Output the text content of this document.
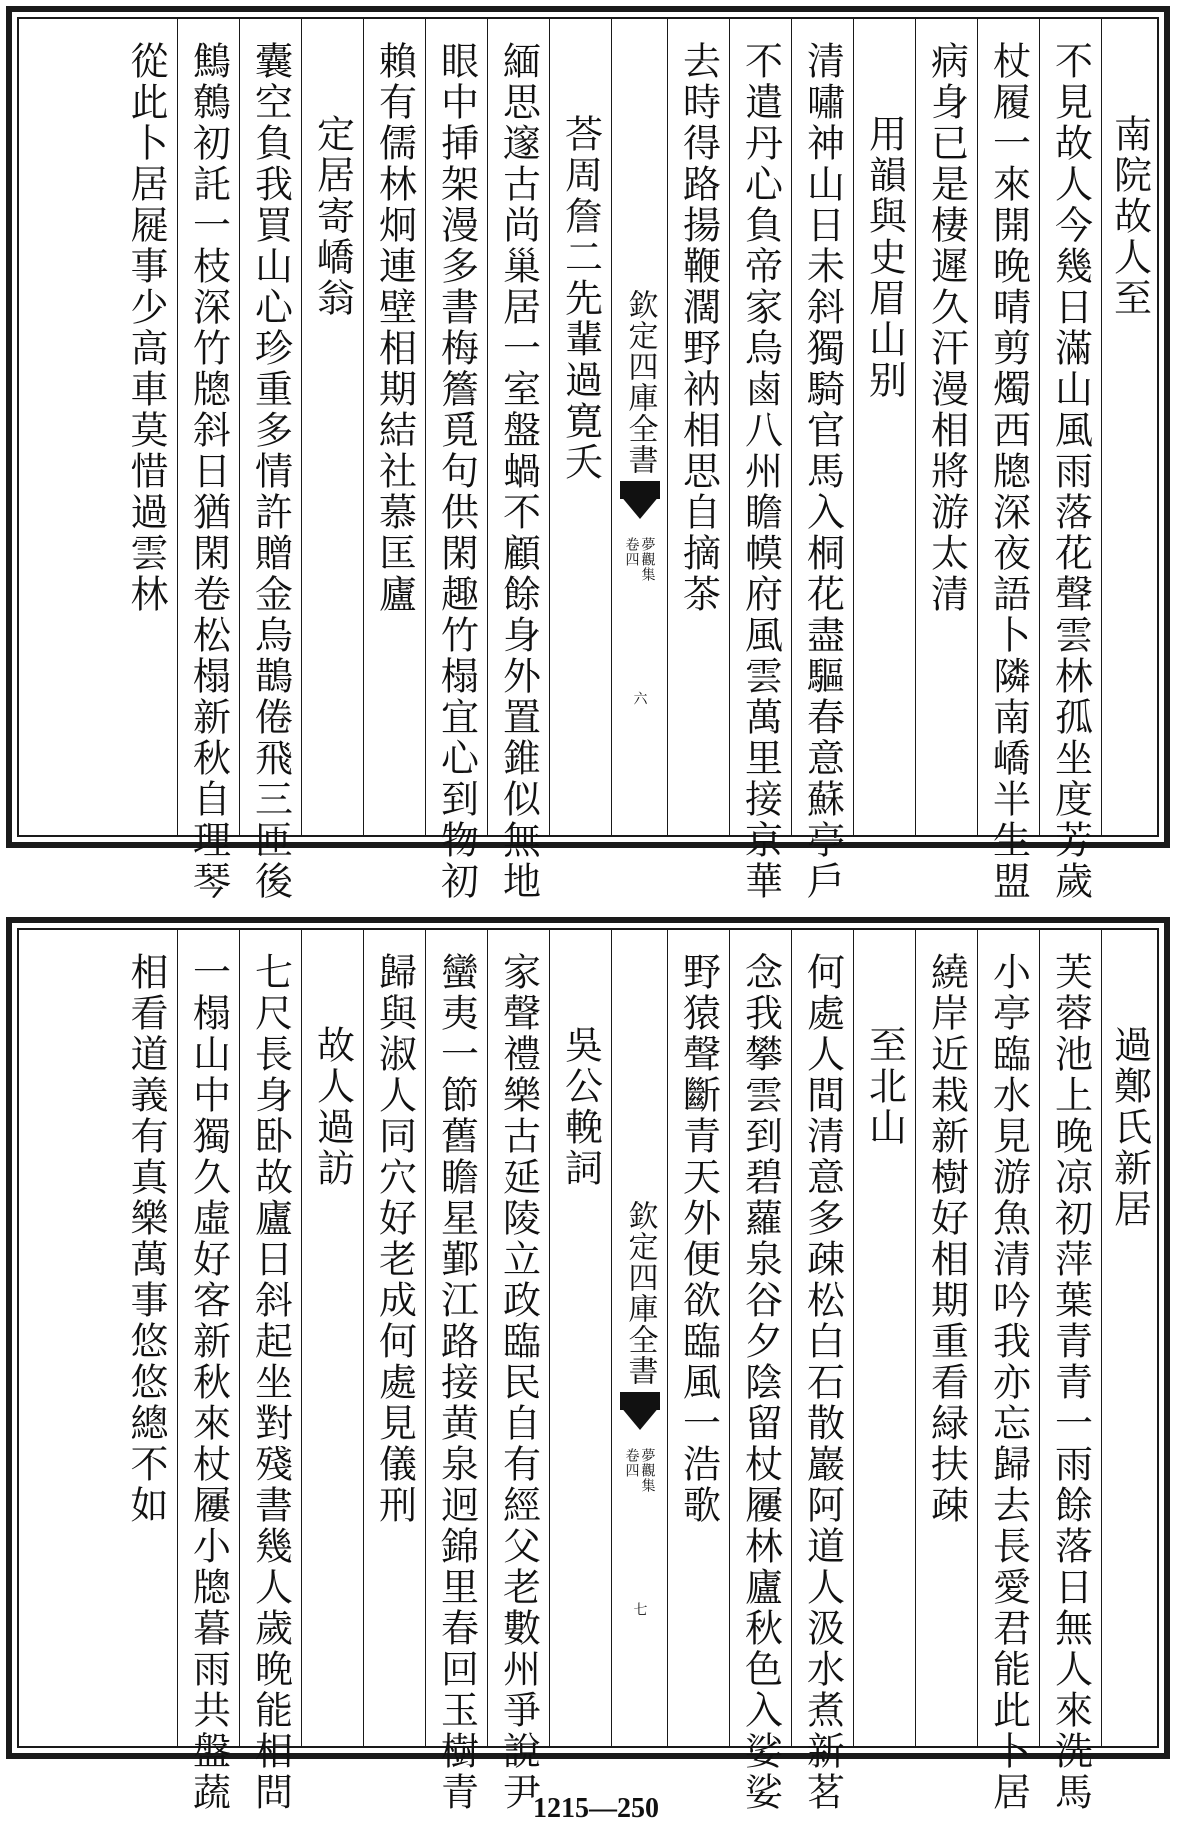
南院故人至
不見故人今幾日滿山風雨落花聲雲林孤坐度芳歲
杖履一來開晚晴剪燭西牕深夜語卜隣南嶠半生盟
病身已是棲遲久汗漫相將游太清
用韻與史眉山别
清嘯神山日未斜獨騎官馬入桐花盡驅春意蘇亭戶
不遣丹心負帝家烏鹵八州瞻幙府風雲萬里接京華
去時得路揚鞭濶野衲相思自摘茶
欽定四庫全書
夢觀集
卷四
六
荅周詹二先輩過寛夭
緬思邃古尚巢居一室盤蝸不顧餘身外置錐似無地
眼中挿架漫多書梅簷覓句供閑趣竹榻宜心到物初
賴有儒林炯連壁相期結社慕匡廬
定居寄嶠翁
囊空負我買山心珍重多情許贈金烏鵲倦飛三匝後
鷦鷯初託一枝深竹牕斜日猶閑卷松榻新秋自理琴
從此卜居屣事少高車莫惜過雲林
過鄭氏新居
芙蓉池上晚凉初萍葉青青一雨餘落日無人來洗馬
小亭臨水見游魚清吟我亦忘歸去長愛君能此卜居
繞岸近栽新樹好相期重看緑扶疎
至北山
何處人間清意多疎松白石散巖阿道人汲水煮新茗
念我攀雲到碧蘿泉谷夕陰留杖屨林廬秋色入娑娑
野猿聲斷青天外便欲臨風一浩歌
欽定四庫全書
夢觀集
卷四
七
吳公輓詞
家聲禮樂古延陵立政臨民自有經父老數州爭說尹
蠻夷一節舊瞻星鄞江路接黄泉迥錦里春回玉樹青
歸與淑人同穴好老成何處見儀刑
故人過訪
七尺長身卧故廬日斜起坐對殘書幾人歲晚能相問
一榻山中獨久虛好客新秋來杖屨小牕暮雨共盤蔬
相看道義有真樂萬事悠悠總不如
1215—250
